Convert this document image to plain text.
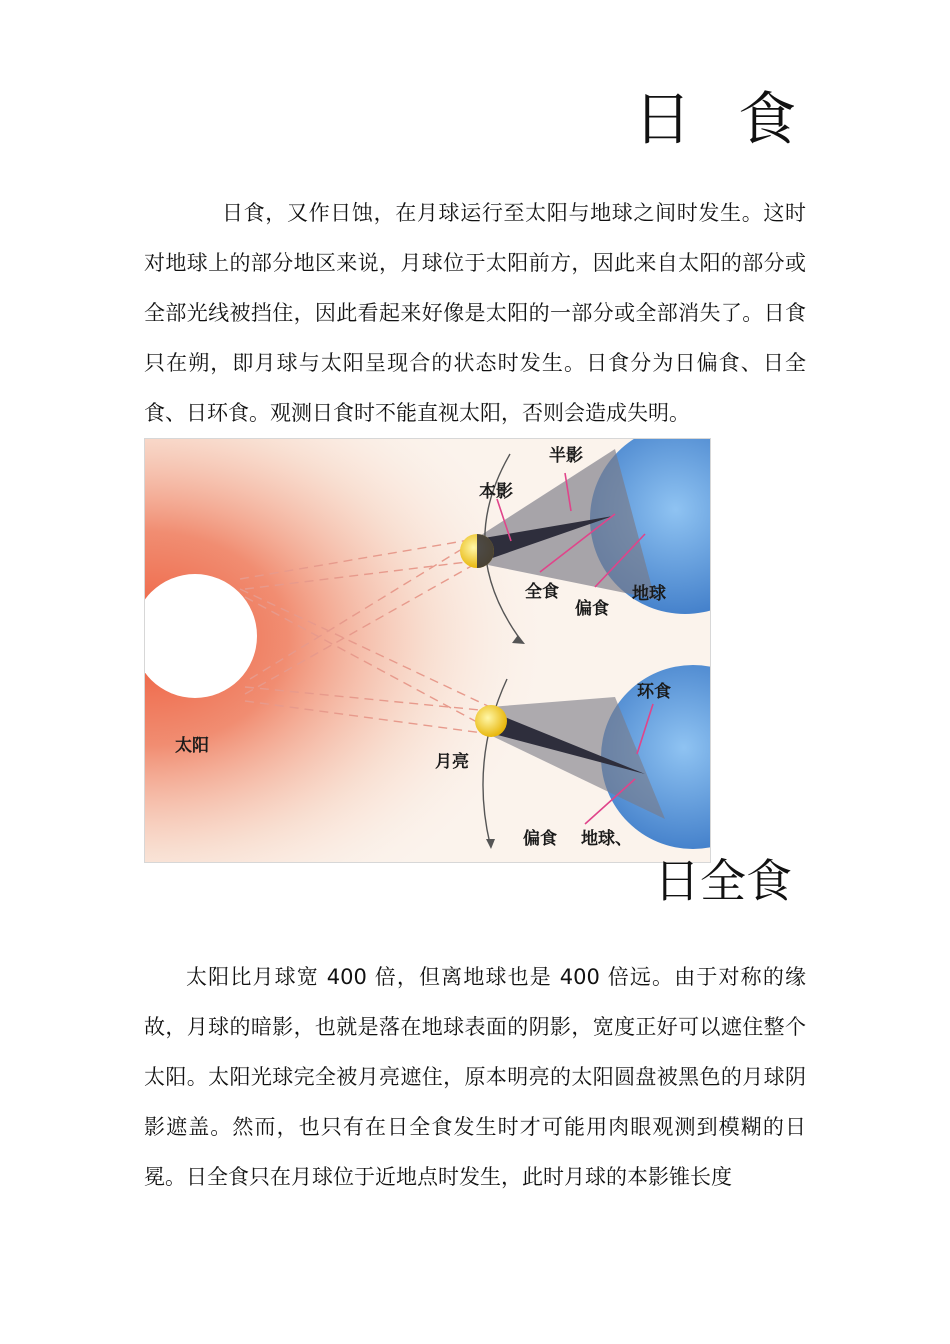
日 食

日食，又作日蚀，在月球运行至太阳与地球之间时发生。这时对地球上的部分地区来说，月球位于太阳前方，因此来自太阳的部分或全部光线被挡住，因此看起来好像是太阳的一部分或全部消失了。日食只在朔，即月球与太阳呈现合的状态时发生。日食分为日偏食、日全食、日环食。观测日食时不能直视太阳，否则会造成失明。

半影
本影
全食
偏食
地球
太阳
月亮
环食
偏食 地球、
日全食

太阳比月球宽 400 倍，但离地球也是 400 倍远。由于对称的缘故，月球的暗影，也就是落在地球表面的阴影，宽度正好可以遮住整个太阳。太阳光球完全被月亮遮住，原本明亮的太阳圆盘被黑色的月球阴影遮盖。然而，也只有在日全食发生时才可能用肉眼观测到模糊的日冕。日全食只在月球位于近地点时发生，此时月球的本影锥长度
